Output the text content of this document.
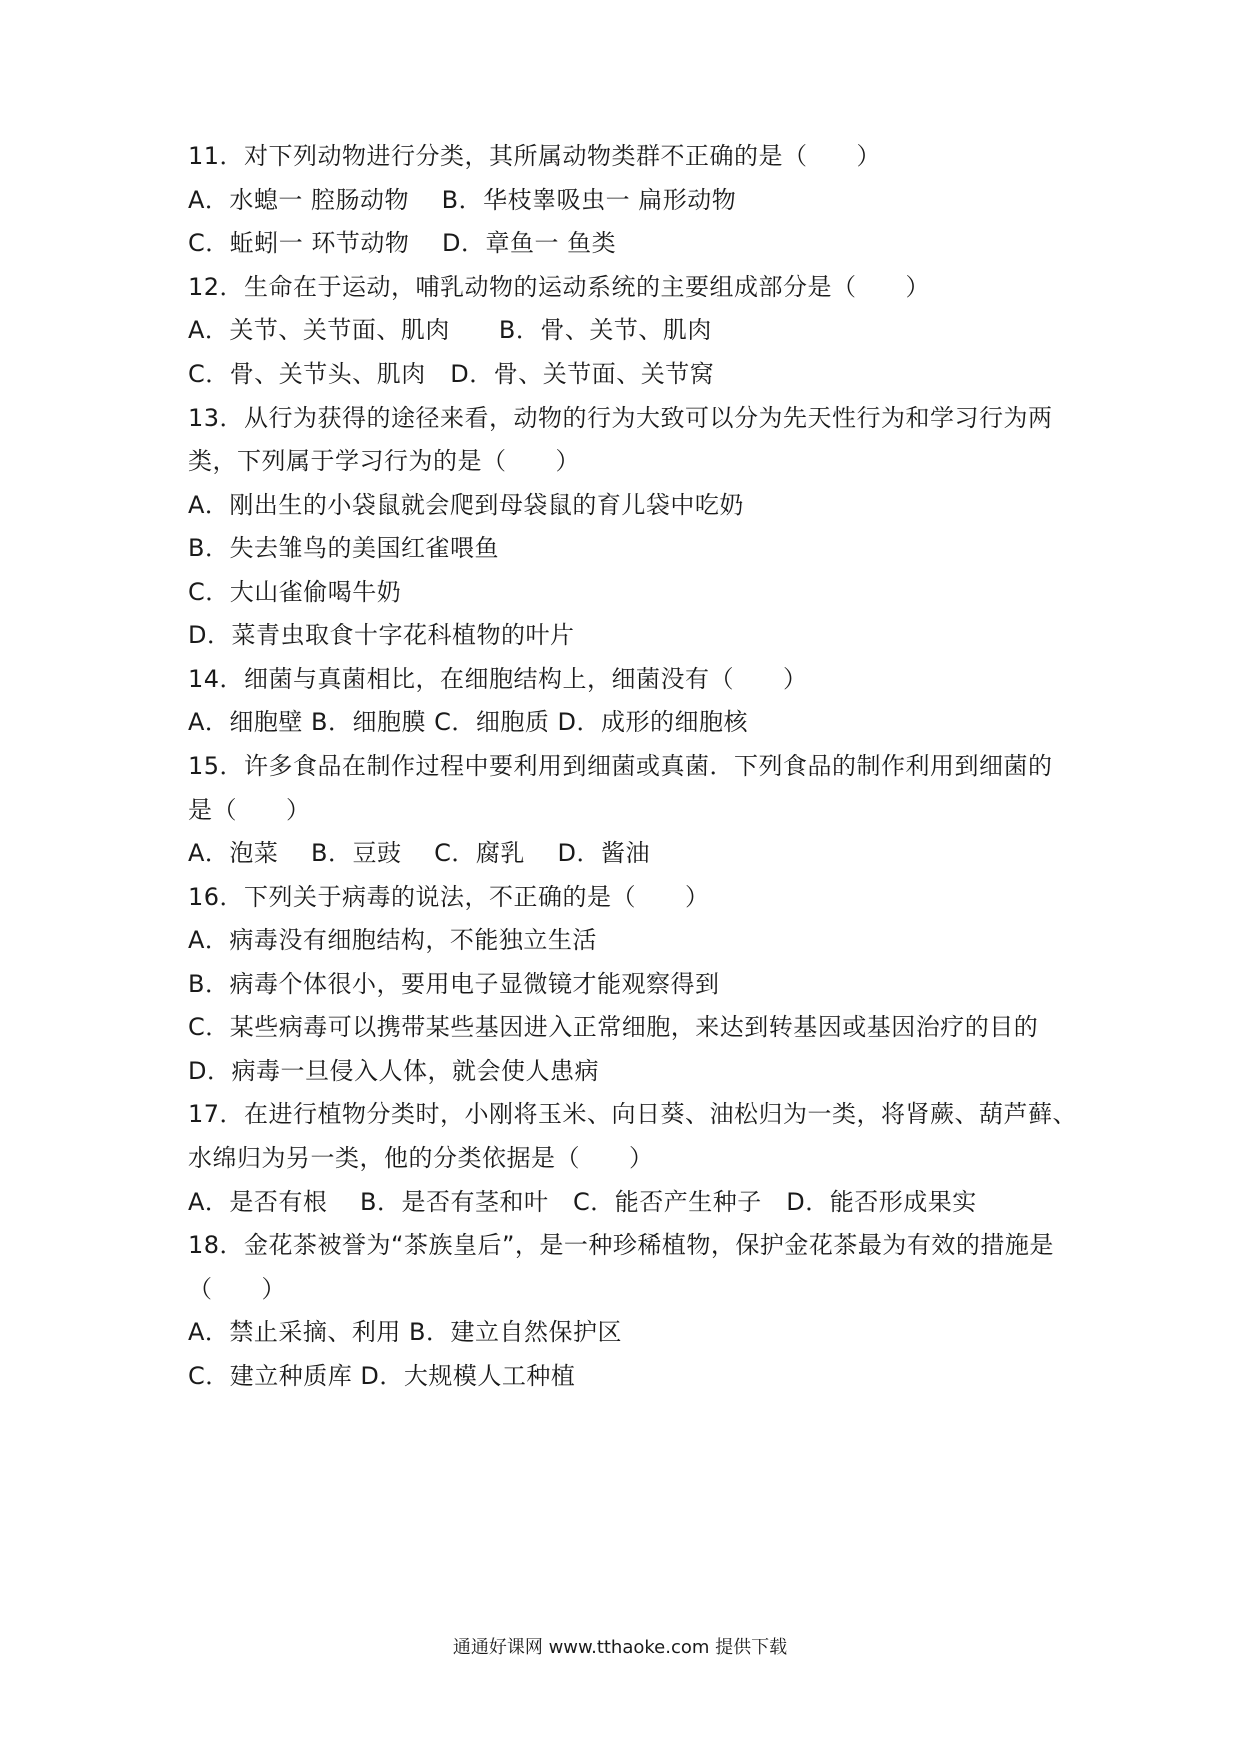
11．对下列动物进行分类，其所属动物类群不正确的是（　　）
A．水螅一 腔肠动物　 B．华枝睾吸虫一 扁形动物
C．蚯蚓一 环节动物　 D．章鱼一 鱼类
12．生命在于运动，哺乳动物的运动系统的主要组成部分是（　　）
A．关节、关节面、肌肉　　B．骨、关节、肌肉
C．骨、关节头、肌肉　D．骨、关节面、关节窝
13．从行为获得的途径来看，动物的行为大致可以分为先天性行为和学习行为两
类，下列属于学习行为的是（　　）
A．刚出生的小袋鼠就会爬到母袋鼠的育儿袋中吃奶
B．失去雏鸟的美国红雀喂鱼
C．大山雀偷喝牛奶
D．菜青虫取食十字花科植物的叶片
14．细菌与真菌相比，在细胞结构上，细菌没有（　　）
A．细胞壁 B．细胞膜 C．细胞质 D．成形的细胞核
15．许多食品在制作过程中要利用到细菌或真菌．下列食品的制作利用到细菌的
是（　　）
A．泡菜　 B．豆豉　 C．腐乳　 D．酱油
16．下列关于病毒的说法，不正确的是（　　）
A．病毒没有细胞结构，不能独立生活
B．病毒个体很小，要用电子显微镜才能观察得到
C．某些病毒可以携带某些基因进入正常细胞，来达到转基因或基因治疗的目的
D．病毒一旦侵入人体，就会使人患病
17．在进行植物分类时，小刚将玉米、向日葵、油松归为一类，将肾蕨、葫芦藓、
水绵归为另一类，他的分类依据是（　　）
A．是否有根　 B．是否有茎和叶　C．能否产生种子　D．能否形成果实
18．金花茶被誉为“茶族皇后”，是一种珍稀植物，保护金花茶最为有效的措施是
（　　）
A．禁止采摘、利用 B．建立自然保护区
C．建立种质库 D．大规模人工种植
通通好课网 www.tthaoke.com 提供下载
